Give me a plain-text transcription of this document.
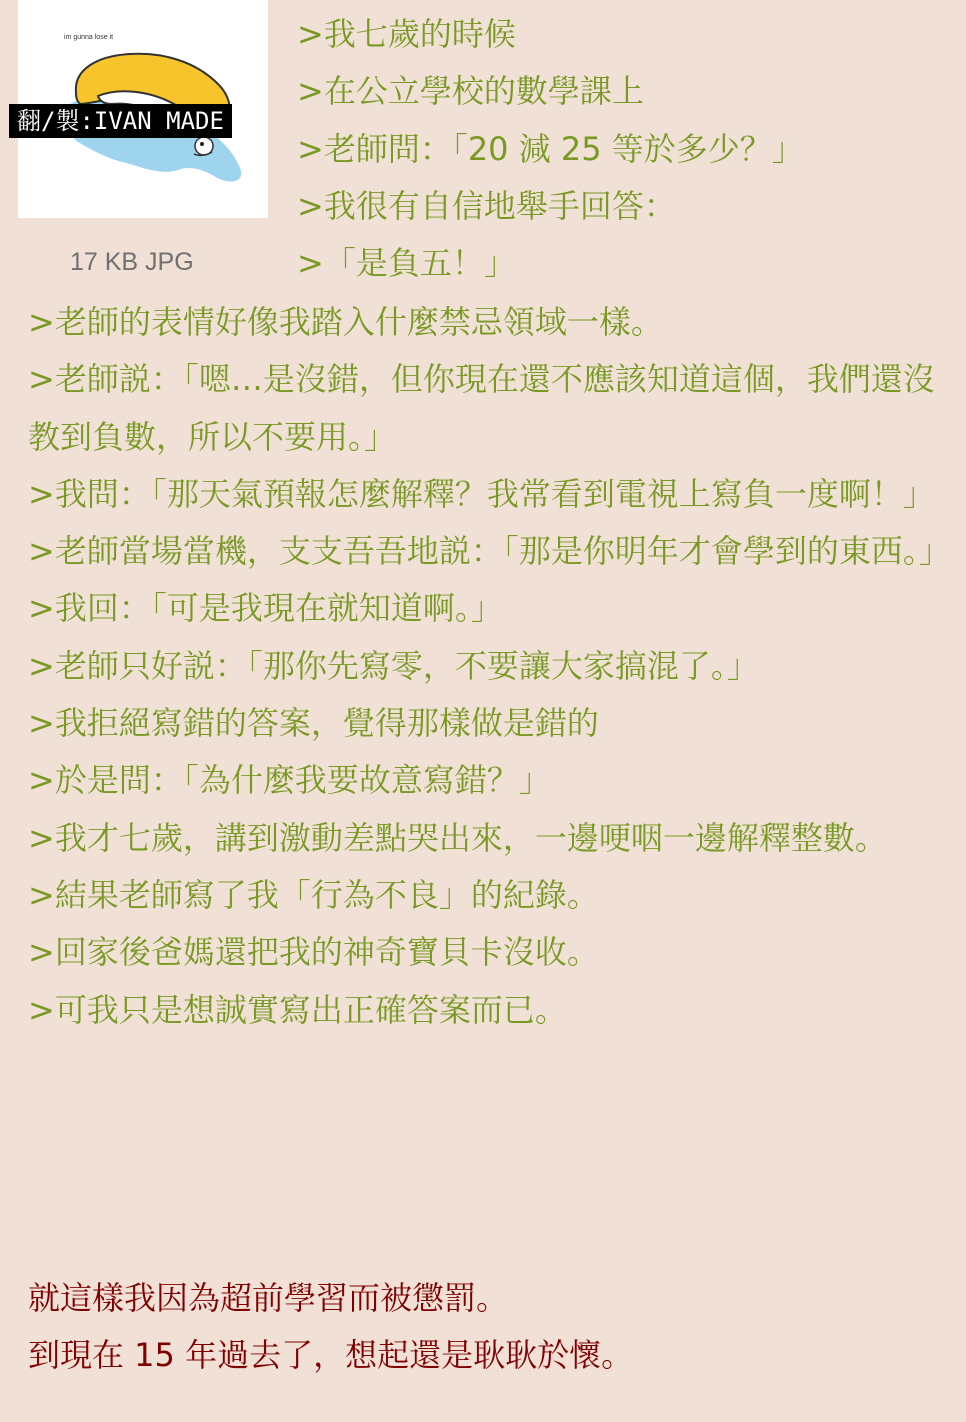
im gunna lose it
翻/製:IVAN MADE
17 KB JPG

>我七歲的時候

>在公立學校的數學課上

>老師問：「20 減 25 等於多少？」

>我很有自信地舉手回答：

>「是負五！」

>老師的表情好像我踏入什麼禁忌領域一樣。

>老師説：「嗯…是沒錯，但你現在還不應該知道這個，我們還沒教到負數，所以不要用。」

>我問：「那天氣預報怎麼解釋？我常看到電視上寫負一度啊！」

>老師當場當機，支支吾吾地説：「那是你明年才會學到的東西。」

>我回：「可是我現在就知道啊。」

>老師只好説：「那你先寫零，不要讓大家搞混了。」

>我拒絕寫錯的答案，覺得那樣做是錯的

>於是問：「為什麼我要故意寫錯？」

>我才七歲，講到激動差點哭出來，一邊哽咽一邊解釋整數。

>結果老師寫了我「行為不良」的紀錄。

>回家後爸媽還把我的神奇寶貝卡沒收。

>可我只是想誠實寫出正確答案而已。

就這樣我因為超前學習而被懲罰。
到現在 15 年過去了，想起還是耿耿於懷。
